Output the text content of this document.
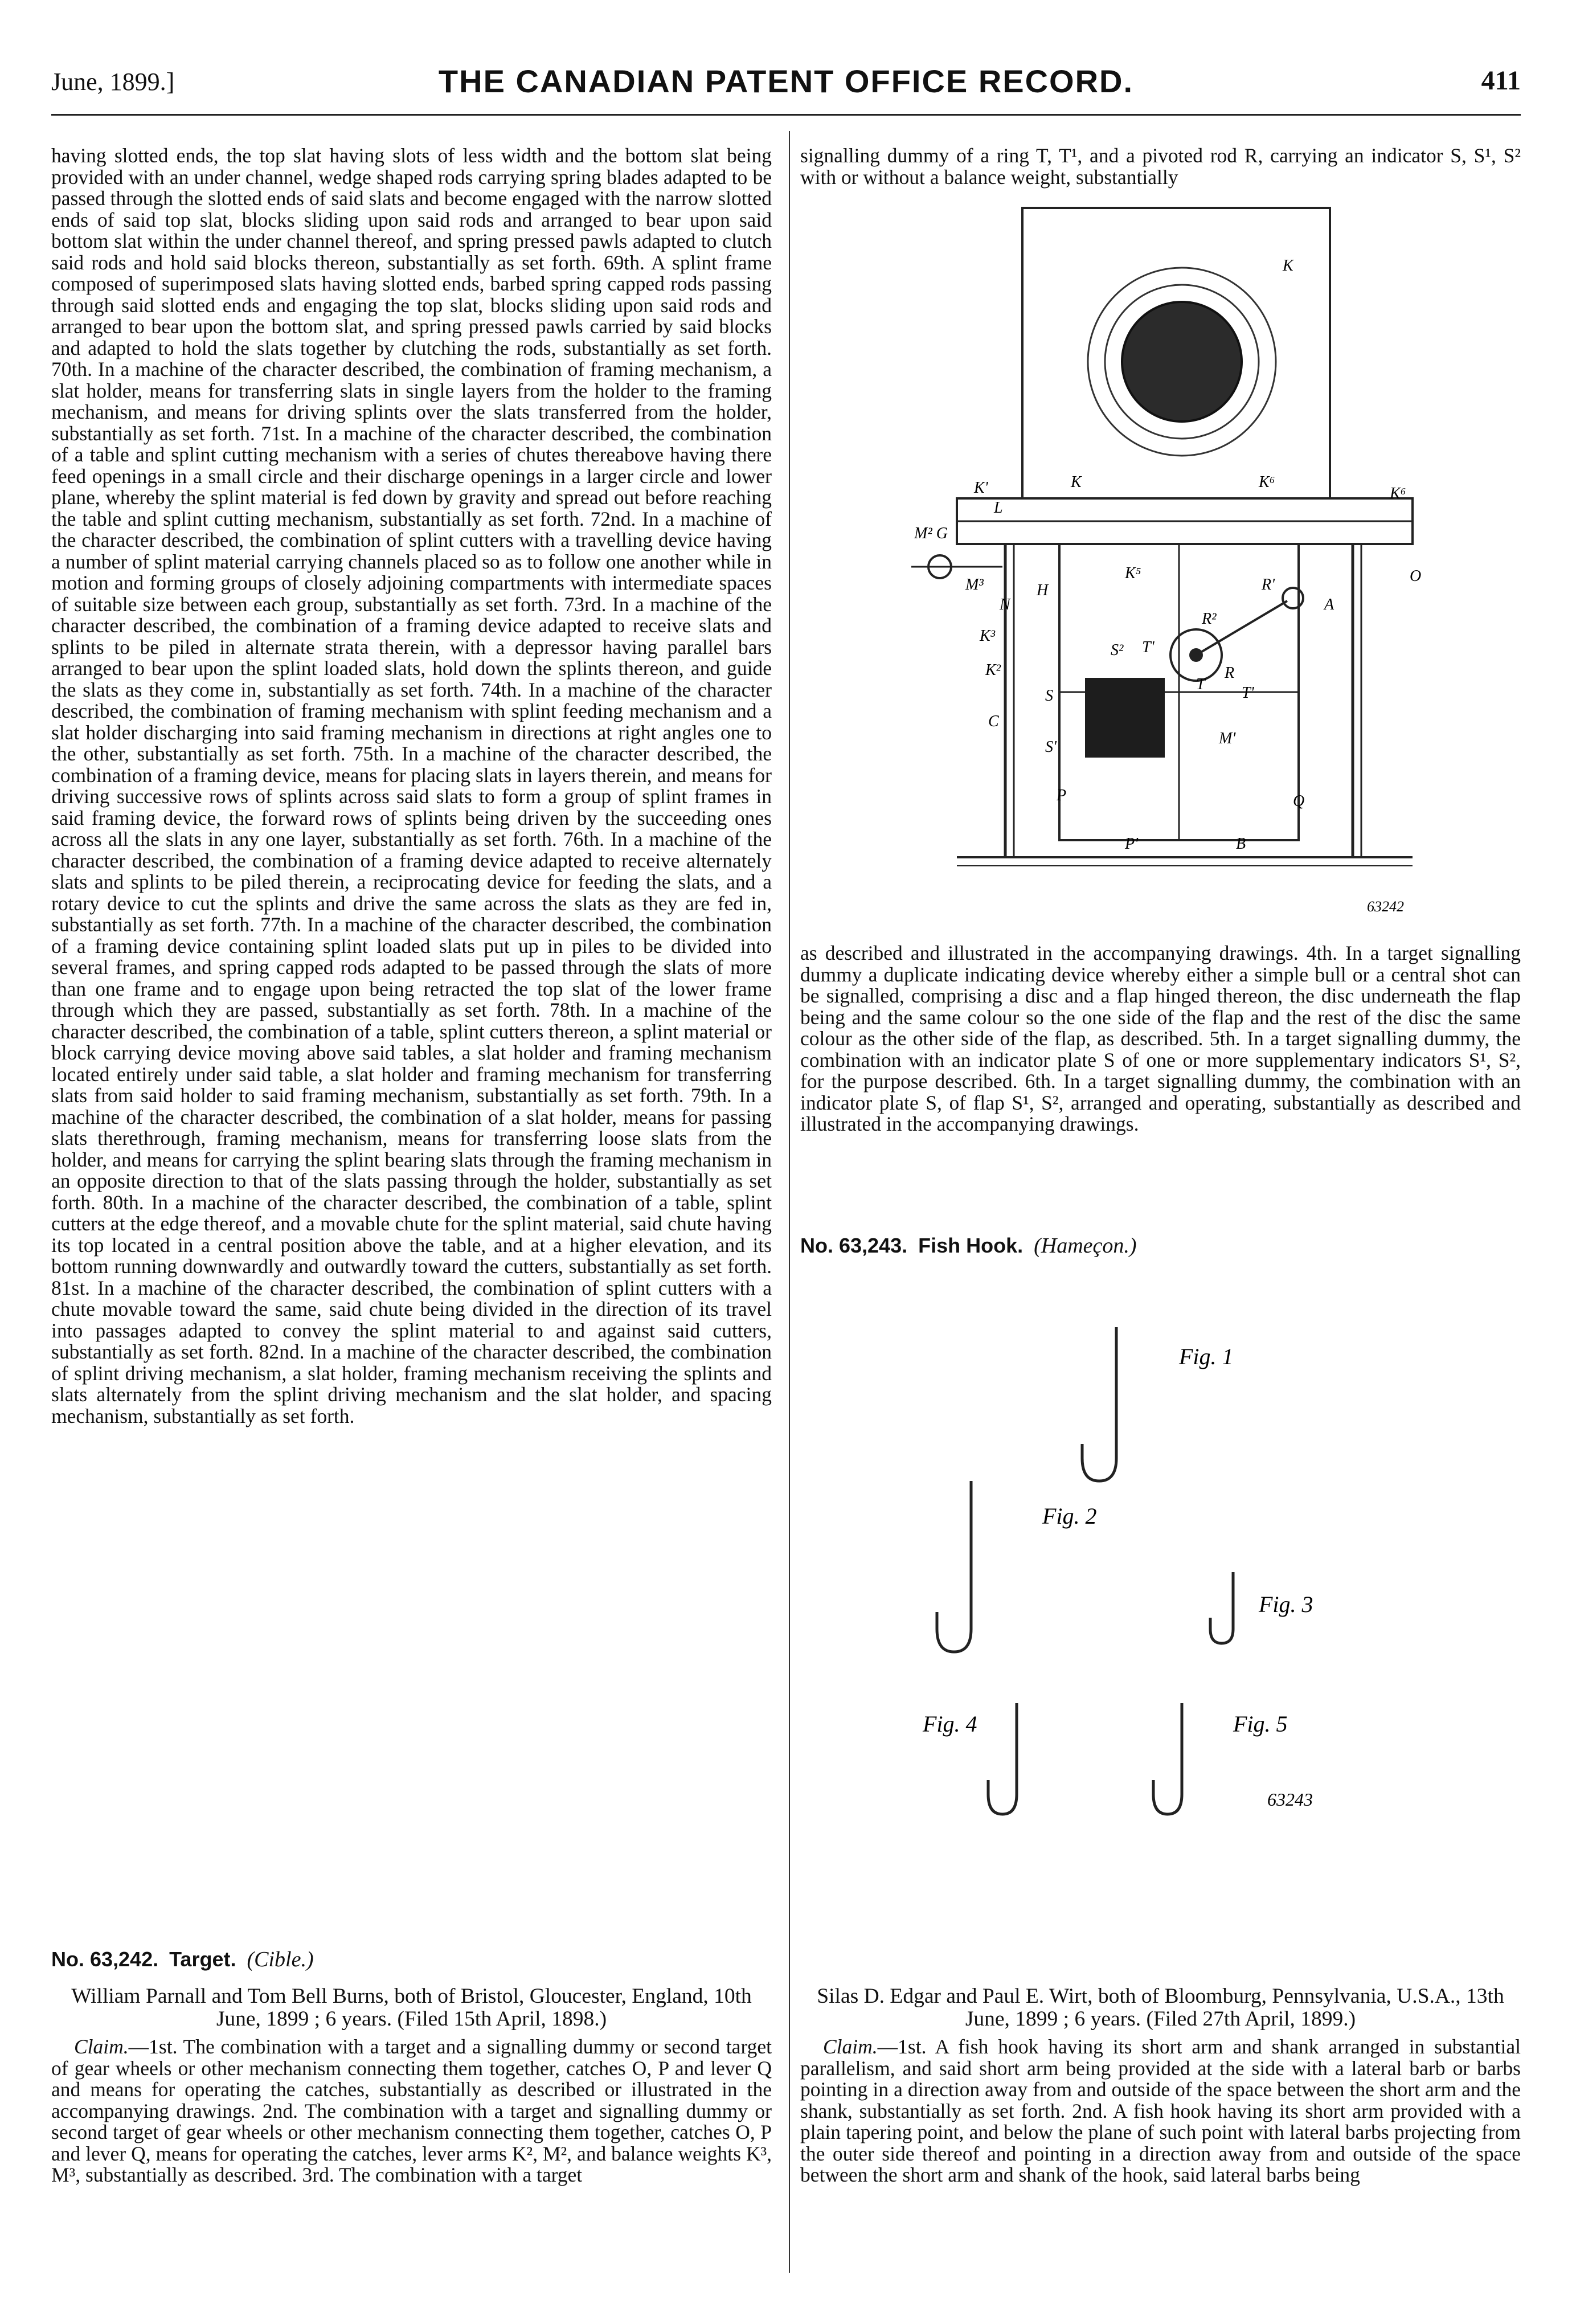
June, 1899.]	THE CANADIAN PATENT OFFICE RECORD.	411
having slotted ends, the top slat having slots of less width and the bottom slat being provided with an under channel, wedge shaped rods carrying spring blades adapted to be passed through the slotted ends of said slats and become engaged with the narrow slotted ends of said top slat, blocks sliding upon said rods and arranged to bear upon said bottom slat within the under channel thereof, and spring pressed pawls adapted to clutch said rods and hold said blocks thereon, substantially as set forth. 69th. A splint frame composed of superimposed slats having slotted ends, barbed spring capped rods passing through said slotted ends and engaging the top slat, blocks sliding upon said rods and arranged to bear upon the bottom slat, and spring pressed pawls carried by said blocks and adapted to hold the slats together by clutching the rods, substantially as set forth. 70th. In a machine of the character described, the combination of framing mechanism, a slat holder, means for transferring slats in single layers from the holder to the framing mechanism, and means for driving splints over the slats transferred from the holder, substantially as set forth. 71st. In a machine of the character described, the combination of a table and splint cutting mechanism with a series of chutes thereabove having there feed openings in a small circle and their discharge openings in a larger circle and lower plane, whereby the splint material is fed down by gravity and spread out before reaching the table and splint cutting mechanism, substantially as set forth. 72nd. In a machine of the character described, the combination of splint cutters with a travelling device having a number of splint material carrying channels placed so as to follow one another while in motion and forming groups of closely adjoining compartments with intermediate spaces of suitable size between each group, substantially as set forth. 73rd. In a machine of the character described, the combination of a framing device adapted to receive slats and splints to be piled in alternate strata therein, with a depressor having parallel bars arranged to bear upon the splint loaded slats, hold down the splints thereon, and guide the slats as they come in, substantially as set forth. 74th. In a machine of the character described, the combination of framing mechanism with splint feeding mechanism and a slat holder discharging into said framing mechanism in directions at right angles one to the other, substantially as set forth. 75th. In a machine of the character described, the combination of a framing device, means for placing slats in layers therein, and means for driving successive rows of splints across said slats to form a group of splint frames in said framing device, the forward rows of splints being driven by the succeeding ones across all the slats in any one layer, substantially as set forth. 76th. In a machine of the character described, the combination of a framing device adapted to receive alternately slats and splints to be piled therein, a reciprocating device for feeding the slats, and a rotary device to cut the splints and drive the same across the slats as they are fed in, substantially as set forth. 77th. In a machine of the character described, the combination of a framing device containing splint loaded slats put up in piles to be divided into several frames, and spring capped rods adapted to be passed through the slats of more than one frame and to engage upon being retracted the top slat of the lower frame through which they are passed, substantially as set forth. 78th. In a machine of the character described, the combination of a table, splint cutters thereon, a splint material or block carrying device moving above said tables, a slat holder and framing mechanism located entirely under said table, a slat holder and framing mechanism for transferring slats from said holder to said framing mechanism, substantially as set forth. 79th. In a machine of the character described, the combination of a slat holder, means for passing slats therethrough, framing mechanism, means for transferring loose slats from the holder, and means for carrying the splint bearing slats through the framing mechanism in an opposite direction to that of the slats passing through the holder, substantially as set forth. 80th. In a machine of the character described, the combination of a table, splint cutters at the edge thereof, and a movable chute for the splint material, said chute having its top located in a central position above the table, and at a higher elevation, and its bottom running downwardly and outwardly toward the cutters, substantially as set forth. 81st. In a machine of the character described, the combination of splint cutters with a chute movable toward the same, said chute being divided in the direction of its travel into passages adapted to convey the splint material to and against said cutters, substantially as set forth. 82nd. In a machine of the character described, the combination of splint driving mechanism, a slat holder, framing mechanism receiving the splints and slats alternately from the splint driving mechanism and the slat holder, and spacing mechanism, substantially as set forth.
No. 63,242. Target. (Cible.)
William Parnall and Tom Bell Burns, both of Bristol, Gloucester, England, 10th June, 1899 ; 6 years. (Filed 15th April, 1898.)
Claim.—1st. The combination with a target and a signalling dummy or second target of gear wheels or other mechanism connecting them together, catches O, P and lever Q and means for operating the catches, substantially as described or illustrated in the accompanying drawings. 2nd. The combination with a target and signalling dummy or second target of gear wheels or other mechanism connecting them together, catches O, P and lever Q, means for operating the catches, lever arms K², M², and balance weights K³, M³, substantially as described. 3rd. The combination with a target
signalling dummy of a ring T, T¹, and a pivoted rod R, carrying an indicator S, S¹, S² with or without a balance weight, substantially
K
K'	K	K⁶
K⁶
L
M² G
M³
N
H
K³
K²
C
S
S'
P
P'	B
K⁵
R²
R'
S² T'
T
R
T'
M'
A
O
Q
63242
as described and illustrated in the accompanying drawings. 4th. In a target signalling dummy a duplicate indicating device whereby either a simple bull or a central shot can be signalled, comprising a disc and a flap hinged thereon, the disc underneath the flap being and the same colour so the one side of the flap and the rest of the disc the same colour as the other side of the flap, as described. 5th. In a target signalling dummy, the combination with an indicator plate S of one or more supplementary indicators S¹, S², for the purpose described. 6th. In a target signalling dummy, the combination with an indicator plate S, of flap S¹, S², arranged and operating, substantially as described and illustrated in the accompanying drawings.
No. 63,243. Fish Hook. (Hameçon.)
Fig. 1
Fig. 2
Fig. 3
Fig. 4	Fig. 5
63243
Silas D. Edgar and Paul E. Wirt, both of Bloomburg, Pennsylvania, U.S.A., 13th June, 1899 ; 6 years. (Filed 27th April, 1899.)
Claim.—1st. A fish hook having its short arm and shank arranged in substantial parallelism, and said short arm being provided at the side with a lateral barb or barbs pointing in a direction away from and outside of the space between the short arm and the shank, substantially as set forth. 2nd. A fish hook having its short arm provided with a plain tapering point, and below the plane of such point with lateral barbs projecting from the outer side thereof and pointing in a direction away from and outside of the space between the short arm and shank of the hook, said lateral barbs being
